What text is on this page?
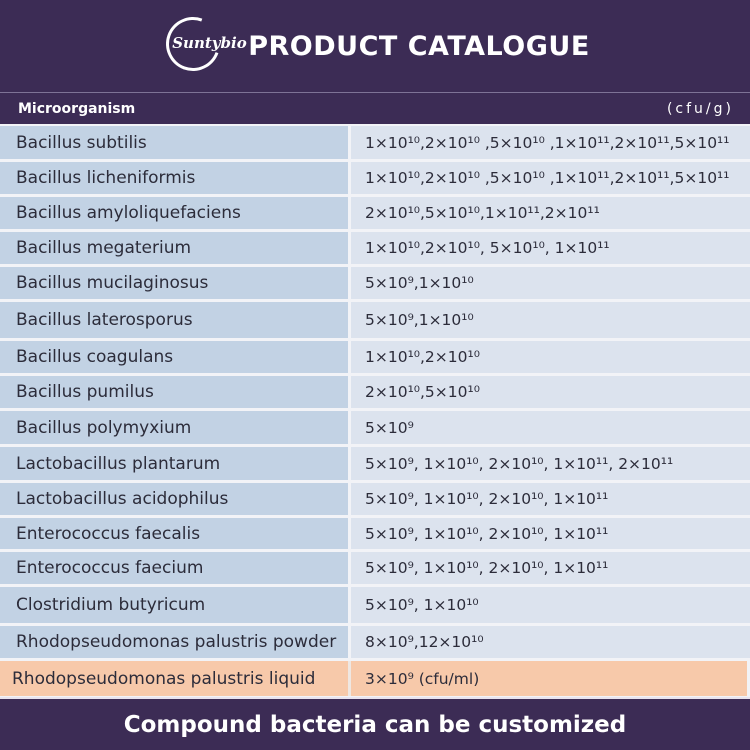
Suntybio PRODUCT CATALOGUE
Microorganism	(cfu/g)
Bacillus subtilis	1×10¹⁰,2×10¹⁰ ,5×10¹⁰ ,1×10¹¹,2×10¹¹,5×10¹¹
Bacillus licheniformis	1×10¹⁰,2×10¹⁰ ,5×10¹⁰ ,1×10¹¹,2×10¹¹,5×10¹¹
Bacillus amyloliquefaciens	2×10¹⁰,5×10¹⁰,1×10¹¹,2×10¹¹
Bacillus megaterium	1×10¹⁰,2×10¹⁰, 5×10¹⁰, 1×10¹¹
Bacillus mucilaginosus	5×10⁹,1×10¹⁰
Bacillus laterosporus	5×10⁹,1×10¹⁰
Bacillus coagulans	1×10¹⁰,2×10¹⁰
Bacillus pumilus	2×10¹⁰,5×10¹⁰
Bacillus polymyxium	5×10⁹
Lactobacillus plantarum	5×10⁹, 1×10¹⁰, 2×10¹⁰, 1×10¹¹, 2×10¹¹
Lactobacillus acidophilus	5×10⁹, 1×10¹⁰, 2×10¹⁰, 1×10¹¹
Enterococcus faecalis	5×10⁹, 1×10¹⁰, 2×10¹⁰, 1×10¹¹
Enterococcus faecium	5×10⁹, 1×10¹⁰, 2×10¹⁰, 1×10¹¹
Clostridium butyricum	5×10⁹, 1×10¹⁰
Rhodopseudomonas palustris powder	8×10⁹,12×10¹⁰
Rhodopseudomonas palustris liquid	3×10⁹ (cfu/ml)
Compound bacteria can be customized
